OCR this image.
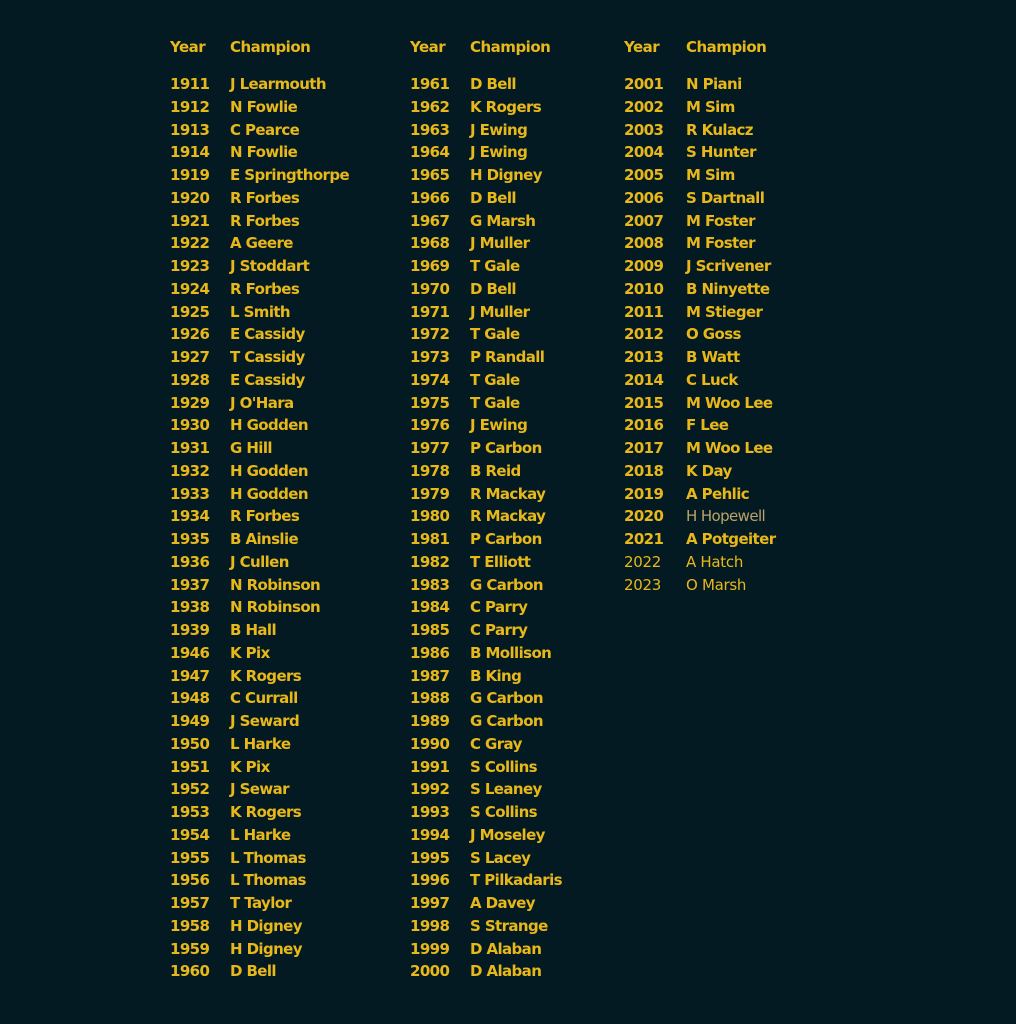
Year Champion
1911 J Learmouth
1912 N Fowlie
1913 C Pearce
1914 N Fowlie
1919 E Springthorpe
1920 R Forbes
1921 R Forbes
1922 A Geere
1923 J Stoddart
1924 R Forbes
1925 L Smith
1926 E Cassidy
1927 T Cassidy
1928 E Cassidy
1929 J O'Hara
1930 H Godden
1931 G Hill
1932 H Godden
1933 H Godden
1934 R Forbes
1935 B Ainslie
1936 J Cullen
1937 N Robinson
1938 N Robinson
1939 B Hall
1946 K Pix
1947 K Rogers
1948 C Currall
1949 J Seward
1950 L Harke
1951 K Pix
1952 J Sewar
1953 K Rogers
1954 L Harke
1955 L Thomas
1956 L Thomas
1957 T Taylor
1958 H Digney
1959 H Digney
1960 D Bell
Year Champion
1961 D Bell
1962 K Rogers
1963 J Ewing
1964 J Ewing
1965 H Digney
1966 D Bell
1967 G Marsh
1968 J Muller
1969 T Gale
1970 D Bell
1971 J Muller
1972 T Gale
1973 P Randall
1974 T Gale
1975 T Gale
1976 J Ewing
1977 P Carbon
1978 B Reid
1979 R Mackay
1980 R Mackay
1981 P Carbon
1982 T Elliott
1983 G Carbon
1984 C Parry
1985 C Parry
1986 B Mollison
1987 B King
1988 G Carbon
1989 G Carbon
1990 C Gray
1991 S Collins
1992 S Leaney
1993 S Collins
1994 J Moseley
1995 S Lacey
1996 T Pilkadaris
1997 A Davey
1998 S Strange
1999 D Alaban
2000 D Alaban
Year Champion
2001 N Piani
2002 M Sim
2003 R Kulacz
2004 S Hunter
2005 M Sim
2006 S Dartnall
2007 M Foster
2008 M Foster
2009 J Scrivener
2010 B Ninyette
2011 M Stieger
2012 O Goss
2013 B Watt
2014 C Luck
2015 M Woo Lee
2016 F Lee
2017 M Woo Lee
2018 K Day
2019 A Pehlic
2020 H Hopewell
2021 A Potgeiter
2022 A Hatch
2023 O Marsh
